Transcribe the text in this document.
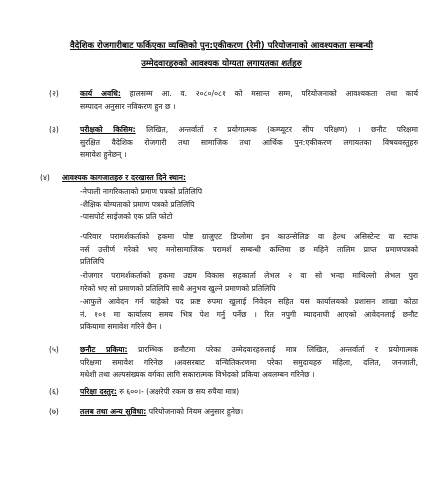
वैदेशिक रोजगारीबाट फर्किएका व्यक्तिको पुन:एकीकरण (रेमी) परियोजनाको आवश्यकता सम्बन्धी
उम्मेदवारहरुको आवश्यक योग्यता लगायतका शर्तहरु
(२)	कार्य अवधि: हालसम्म आ. व. २०८०/०८१ को मसान्त सम्म, परियोजनाको आवश्यकता तथा कार्य
सम्पादन अनुसार नविकरण हुन छ ।
(३)	परीक्षको किसिम: लिखित, अन्तर्वार्ता र प्रयोगात्मक (कम्प्यूटर सीप परिक्षण) । छनौट परिक्षमा
सुरक्षित वैदेशिक रोजगारी तथा सामाजिक तथा आर्थिक पुन:एकीकरण लगायतका विषयवस्तुहरु
समावेश हुनेछन् ।
(४) आवश्यक कागजातहरु र दरखास्त दिने स्थान:
-नेपाली नागरिकताको प्रमाण पत्रको प्रतिलिपि
-शैक्षिक योग्यताको प्रमाण पत्रको प्रतिलिपि
-पासपोर्ट साईजको एक प्रति फोटो
-परिवार परामर्शकर्ताको हकमा पोष्ट ग्राजुएट डिप्लोमा इन काउन्सेलिङ वा हेल्थ असिस्टेन्ट वा स्टाफ
नर्स उत्तीर्ण गरेको भए मनोसामाजिक परामर्श सम्बन्धी कम्तिमा छ महिने तालिम प्राप्त प्रमाणपत्रको
प्रतिलिपि
-रोजगार परामर्शकर्ताको हकमा उद्यम विकास सहकार्ता लेभल २ वा सो भन्दा माथिल्लो लेभल पुरा
गरेको भए सो प्रमाणको प्रतिलिपि साथै अनुभव खुल्ने प्रमाणको प्रतिलिपि
-आफुले आवेदन गर्न चाहेको पद फ्रष्ट रुपमा खुलाई निवेदन सहित यस कार्यालयको प्रशासन शाखा कोठा
नं. १०१ मा कार्यालय समय भित्र पेश गर्नु पर्नेछ । रित नपुगी म्यादनाघी आएको आवेदनलाई छनौट
प्रकियामा समावेश गरिने छैन ।
(५)	छनौट प्रकिया: प्रारम्भिक छनौटमा परेका उम्मेदवारहरुलाई मात्र लिखित, अन्तर्वार्ता र प्रयोगात्मक
परिक्षमा समावेश गरिनेछ ।अवसरबाट वन्चितिकरणमा परेका समुदायहरु महिला, दलित, जनजाती,
मधेशी तथा अल्पसंख्यक वर्गका लागि सकारात्मक विभेदको प्रकिया अवलम्बन गरिनेछ ।
(६)	परिक्षा दस्तुर: रु ६००।- (अक्षरेपी रकम छ सय रुपैया मात्र)
(७)	तलब तथा अन्य सुविधा: परियोजनाको नियम अनुसार हुनेछ।
